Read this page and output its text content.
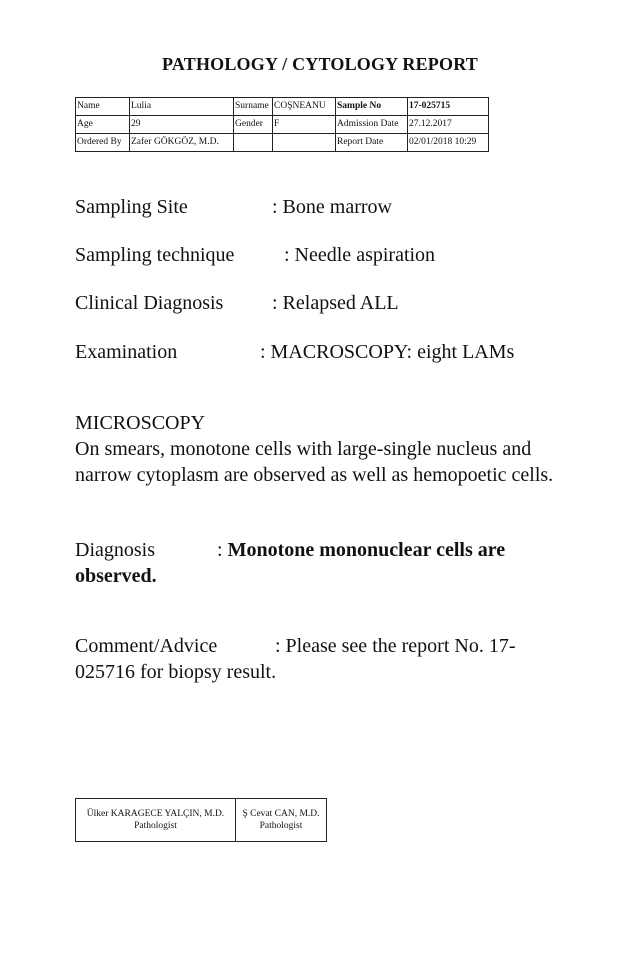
PATHOLOGY / CYTOLOGY REPORT
Name	Lulia	Surname	COŞNEANU	Sample No	17-025715
Age	29	Gender	F	Admission Date	27.12.2017
Ordered By	Zafer GÖKGÖZ, M.D.			Report Date	02/01/2018 10:29
Sampling Site	: Bone marrow
Sampling technique : Needle aspiration
Clinical Diagnosis : Relapsed ALL
Examination	: MACROSCOPY: eight LAMs
MICROSCOPY
On smears, monotone cells with large-single nucleus and narrow cytoplasm are observed as well as hemopoetic cells.
Diagnosis	: Monotone mononuclear cells are observed.
Comment/Advice	: Please see the report No. 17-
025716 for biopsy result.
Ülker KARAGECE YALÇIN, M.D.
Pathologist

Ş Cevat CAN, M.D.
Pathologist
